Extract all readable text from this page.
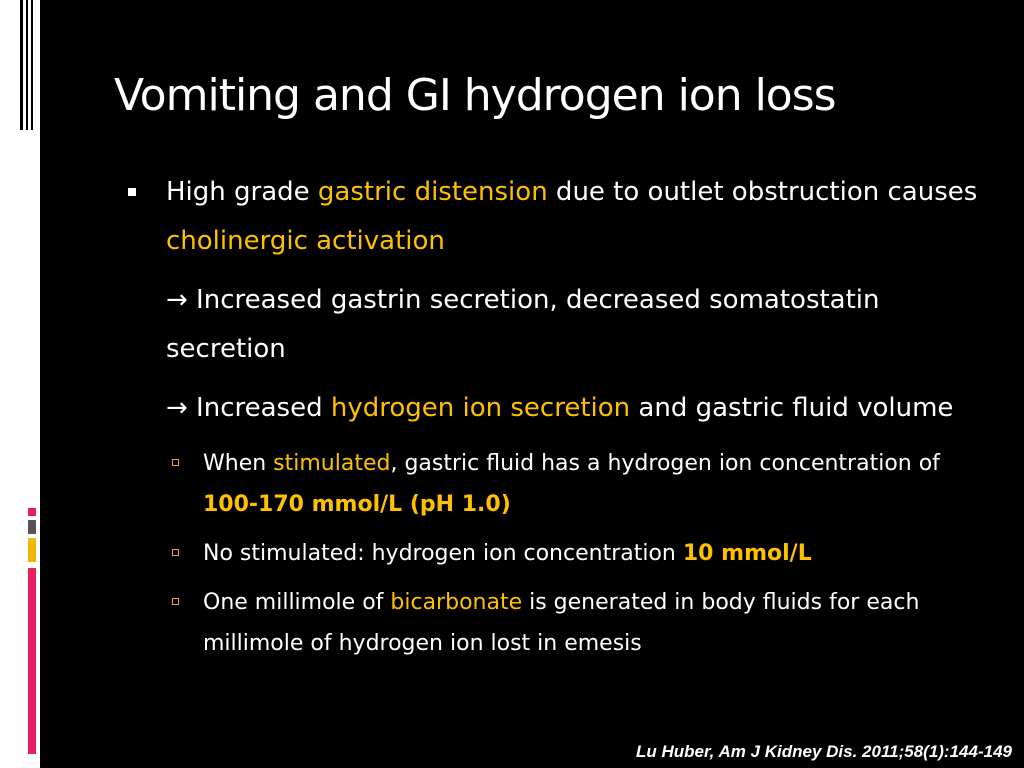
Vomiting and GI hydrogen ion loss

High grade gastric distension due to outlet obstruction causes cholinergic activation

→ Increased gastrin secretion, decreased somatostatin secretion

→ Increased hydrogen ion secretion and gastric fluid volume

When stimulated, gastric fluid has a hydrogen ion concentration of 100-170 mmol/L (pH 1.0)

No stimulated: hydrogen ion concentration 10 mmol/L

One millimole of bicarbonate is generated in body fluids for each millimole of hydrogen ion lost in emesis

Lu Huber, Am J Kidney Dis. 2011;58(1):144-149
